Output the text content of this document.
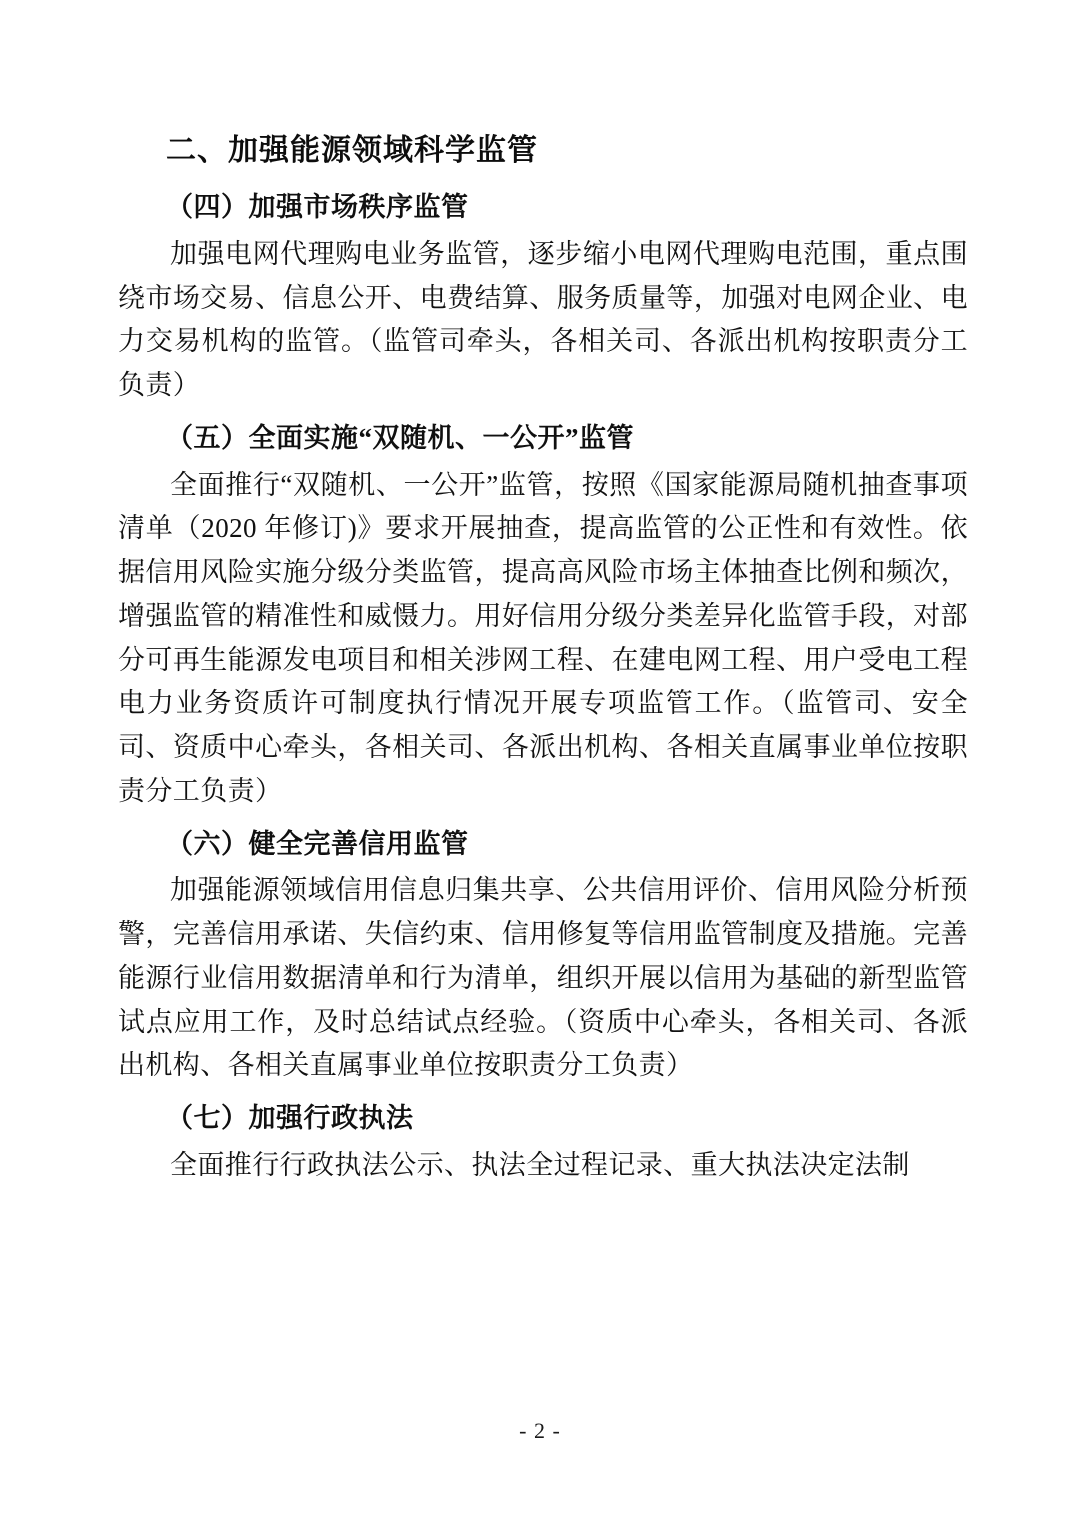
二、加强能源领域科学监管
（四）加强市场秩序监管

加强电网代理购电业务监管，逐步缩小电网代理购电范围，重点围绕市场交易、信息公开、电费结算、服务质量等，加强对电网企业、电力交易机构的监管。（监管司牵头，各相关司、各派出机构按职责分工负责）

（五）全面实施“双随机、一公开”监管

全面推行“双随机、一公开”监管，按照《国家能源局随机抽查事项清单（2020 年修订)》要求开展抽查，提高监管的公正性和有效性。依据信用风险实施分级分类监管，提高高风险市场主体抽查比例和频次，增强监管的精准性和威慑力。用好信用分级分类差异化监管手段，对部分可再生能源发电项目和相关涉网工程、在建电网工程、用户受电工程电力业务资质许可制度执行情况开展专项监管工作。（监管司、安全司、资质中心牵头，各相关司、各派出机构、各相关直属事业单位按职责分工负责）

（六）健全完善信用监管

加强能源领域信用信息归集共享、公共信用评价、信用风险分析预警，完善信用承诺、失信约束、信用修复等信用监管制度及措施。完善能源行业信用数据清单和行为清单，组织开展以信用为基础的新型监管试点应用工作，及时总结试点经验。（资质中心牵头，各相关司、各派出机构、各相关直属事业单位按职责分工负责）

（七）加强行政执法

全面推行行政执法公示、执法全过程记录、重大执法决定法制

- 2 -
